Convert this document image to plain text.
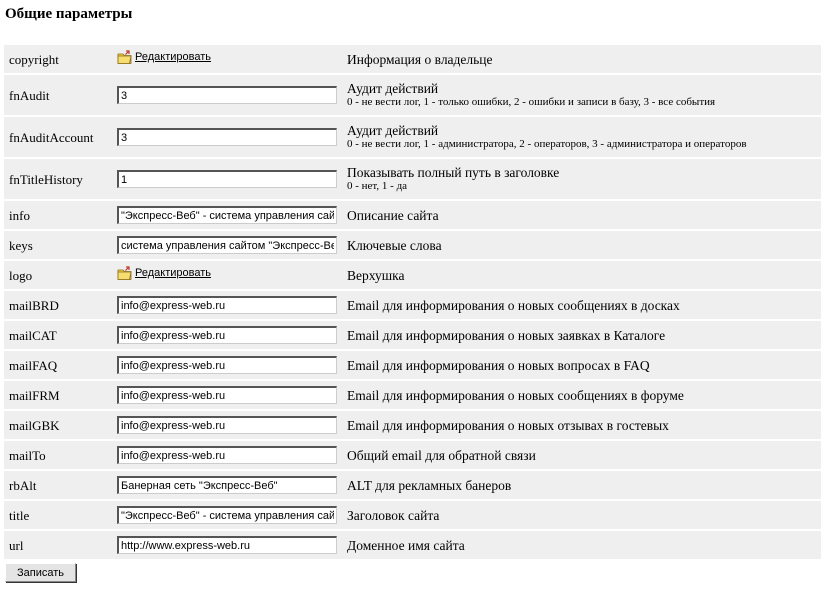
Общие параметры
copyright	Редактировать	Информация о владельце
fnAudit	3	Аудит действий
0 - не вести лог, 1 - только ошибки, 2 - ошибки и записи в базу, 3 - все события

fnAuditAccount	3	Аудит действий
0 - не вести лог, 1 - администратора, 2 - операторов, 3 - администратора и операторов

fnTitleHistory	1	Показывать полный путь в заголовке
0 - нет, 1 - да

info	"Экспресс-Веб" - система управления сайтом	Описание сайта
keys	система управления сайтом "Экспресс-Веб"	Ключевые слова
logo	Редактировать	Верхушка
mailBRD	info@express-web.ru	Email для информирования о новых сообщениях в досках
mailCAT	info@express-web.ru	Email для информирования о новых заявках в Каталоге
mailFAQ	info@express-web.ru	Email для информирования о новых вопросах в FAQ
mailFRM	info@express-web.ru	Email для информирования о новых сообщениях в форуме
mailGBK	info@express-web.ru	Email для информирования о новых отзывах в гостевых
mailTo	info@express-web.ru	Общий email для обратной связи
rbAlt	Банерная сеть "Экспресс-Веб"	ALT для рекламных банеров
title	"Экспресс-Веб" - система управления сайтом	Заголовок сайта
url	http://www.express-web.ru	Доменное имя сайта
Записать
